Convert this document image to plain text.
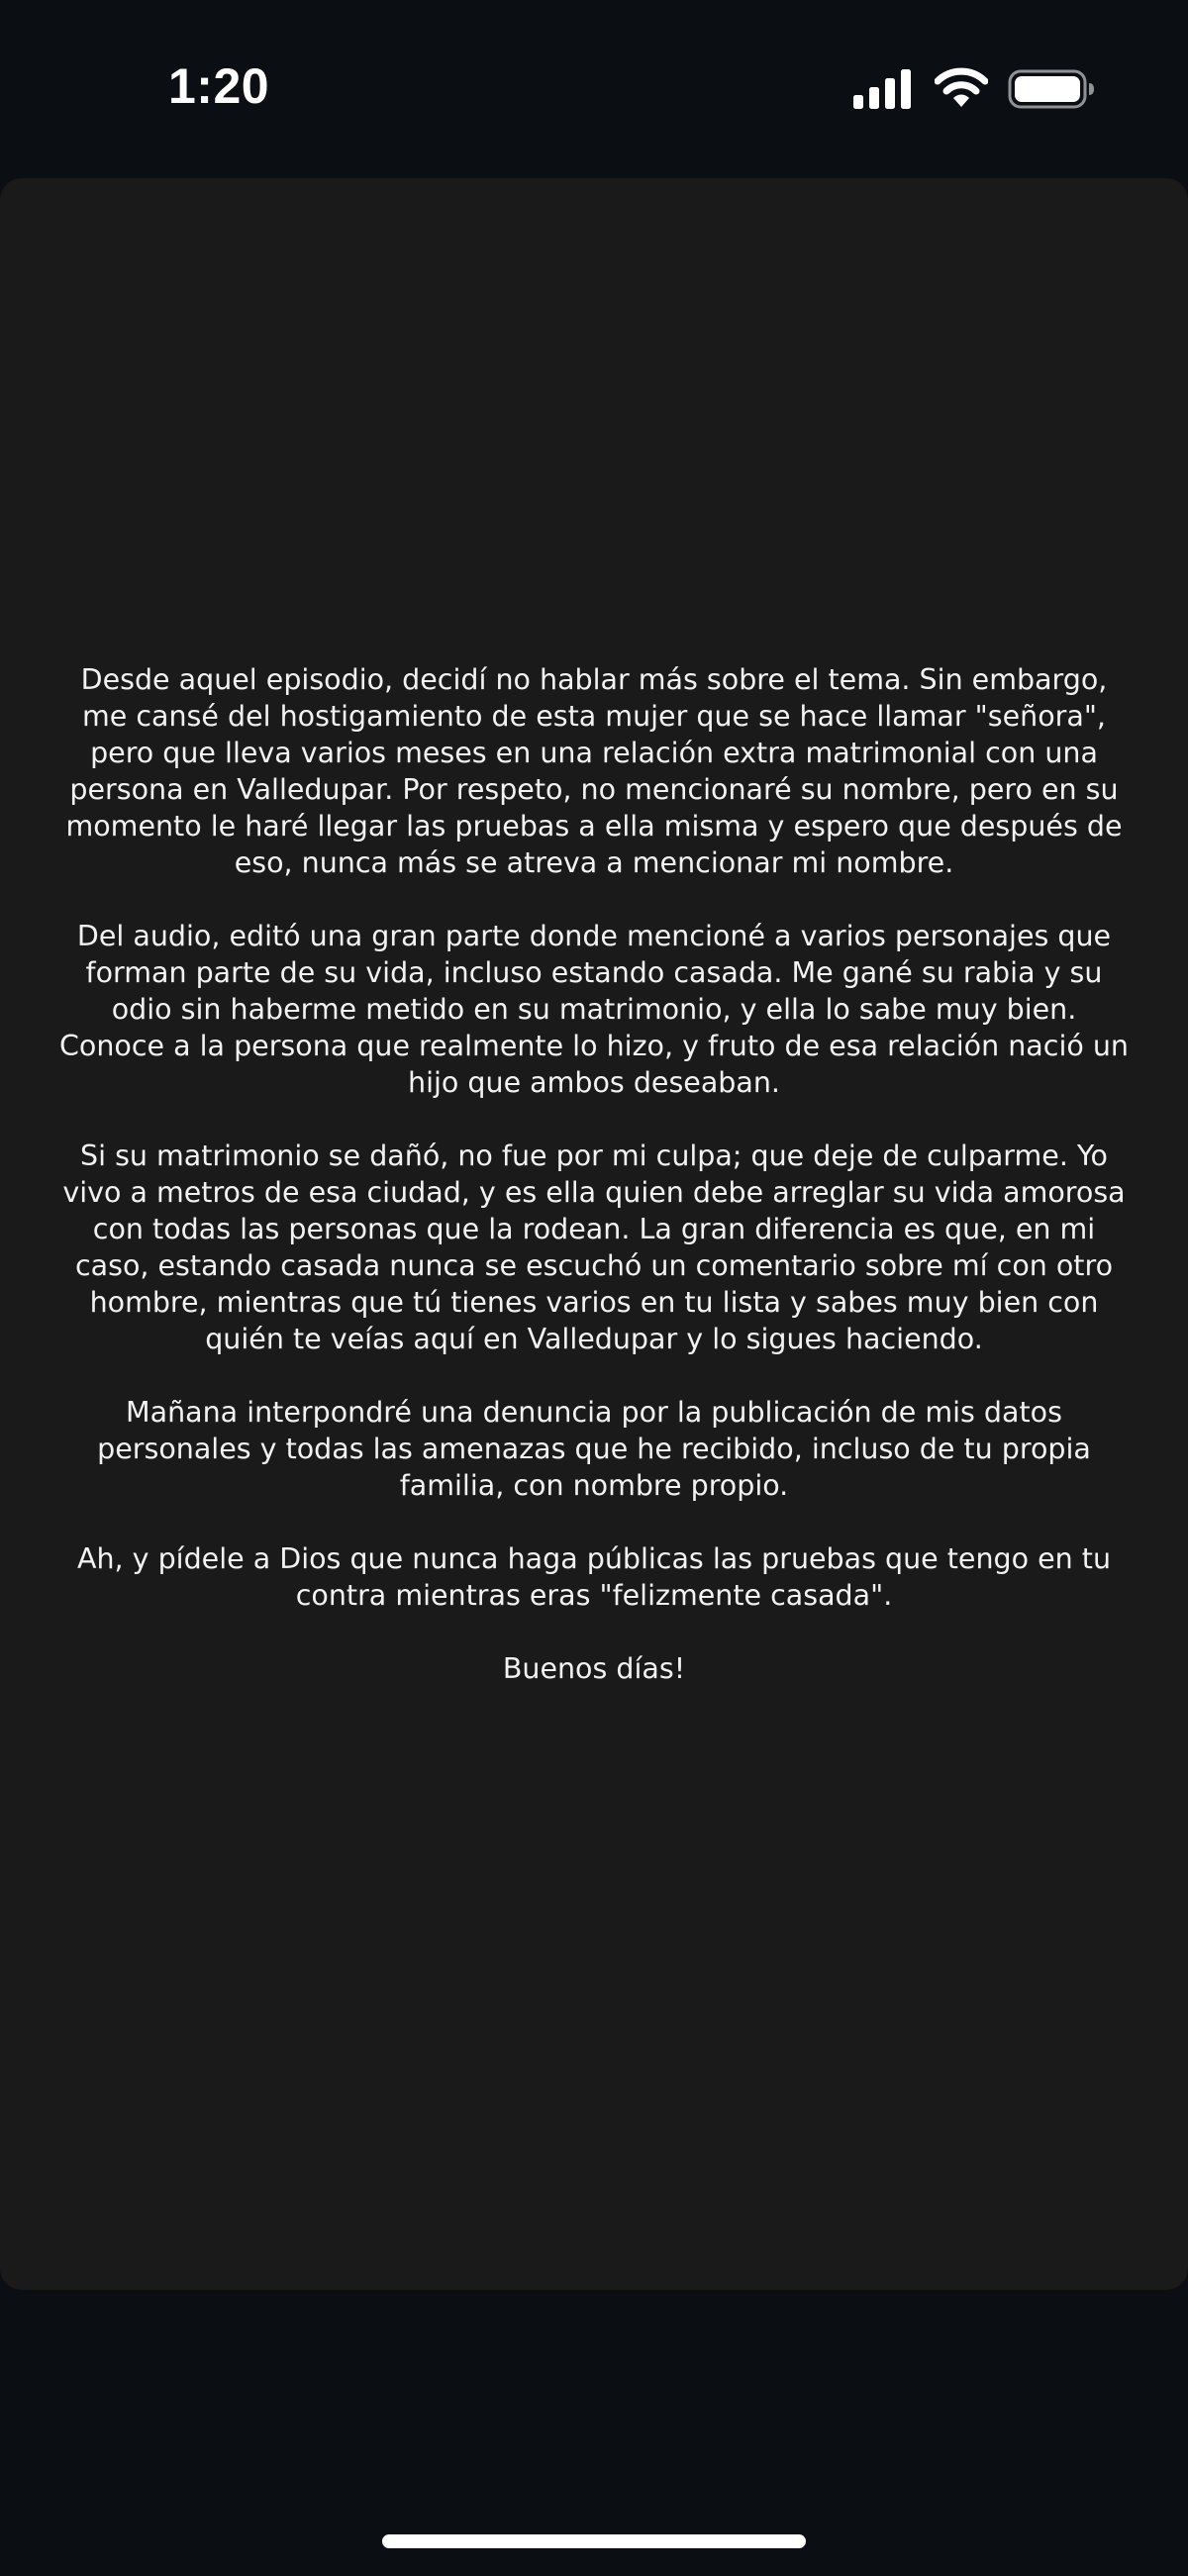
1:20

Desde aquel episodio, decidí no hablar más sobre el tema. Sin embargo, me cansé del hostigamiento de esta mujer que se hace llamar "señora", pero que lleva varios meses en una relación extra matrimonial con una persona en Valledupar. Por respeto, no mencionaré su nombre, pero en su momento le haré llegar las pruebas a ella misma y espero que después de eso, nunca más se atreva a mencionar mi nombre.

Del audio, editó una gran parte donde mencioné a varios personajes que forman parte de su vida, incluso estando casada. Me gané su rabia y su odio sin haberme metido en su matrimonio, y ella lo sabe muy bien. Conoce a la persona que realmente lo hizo, y fruto de esa relación nació un hijo que ambos deseaban.

Si su matrimonio se dañó, no fue por mi culpa; que deje de culparme. Yo vivo a metros de esa ciudad, y es ella quien debe arreglar su vida amorosa con todas las personas que la rodean. La gran diferencia es que, en mi caso, estando casada nunca se escuchó un comentario sobre mí con otro hombre, mientras que tú tienes varios en tu lista y sabes muy bien con quién te veías aquí en Valledupar y lo sigues haciendo.

Mañana interpondré una denuncia por la publicación de mis datos personales y todas las amenazas que he recibido, incluso de tu propia familia, con nombre propio.

Ah, y pídele a Dios que nunca haga públicas las pruebas que tengo en tu contra mientras eras "felizmente casada".

Buenos días!
